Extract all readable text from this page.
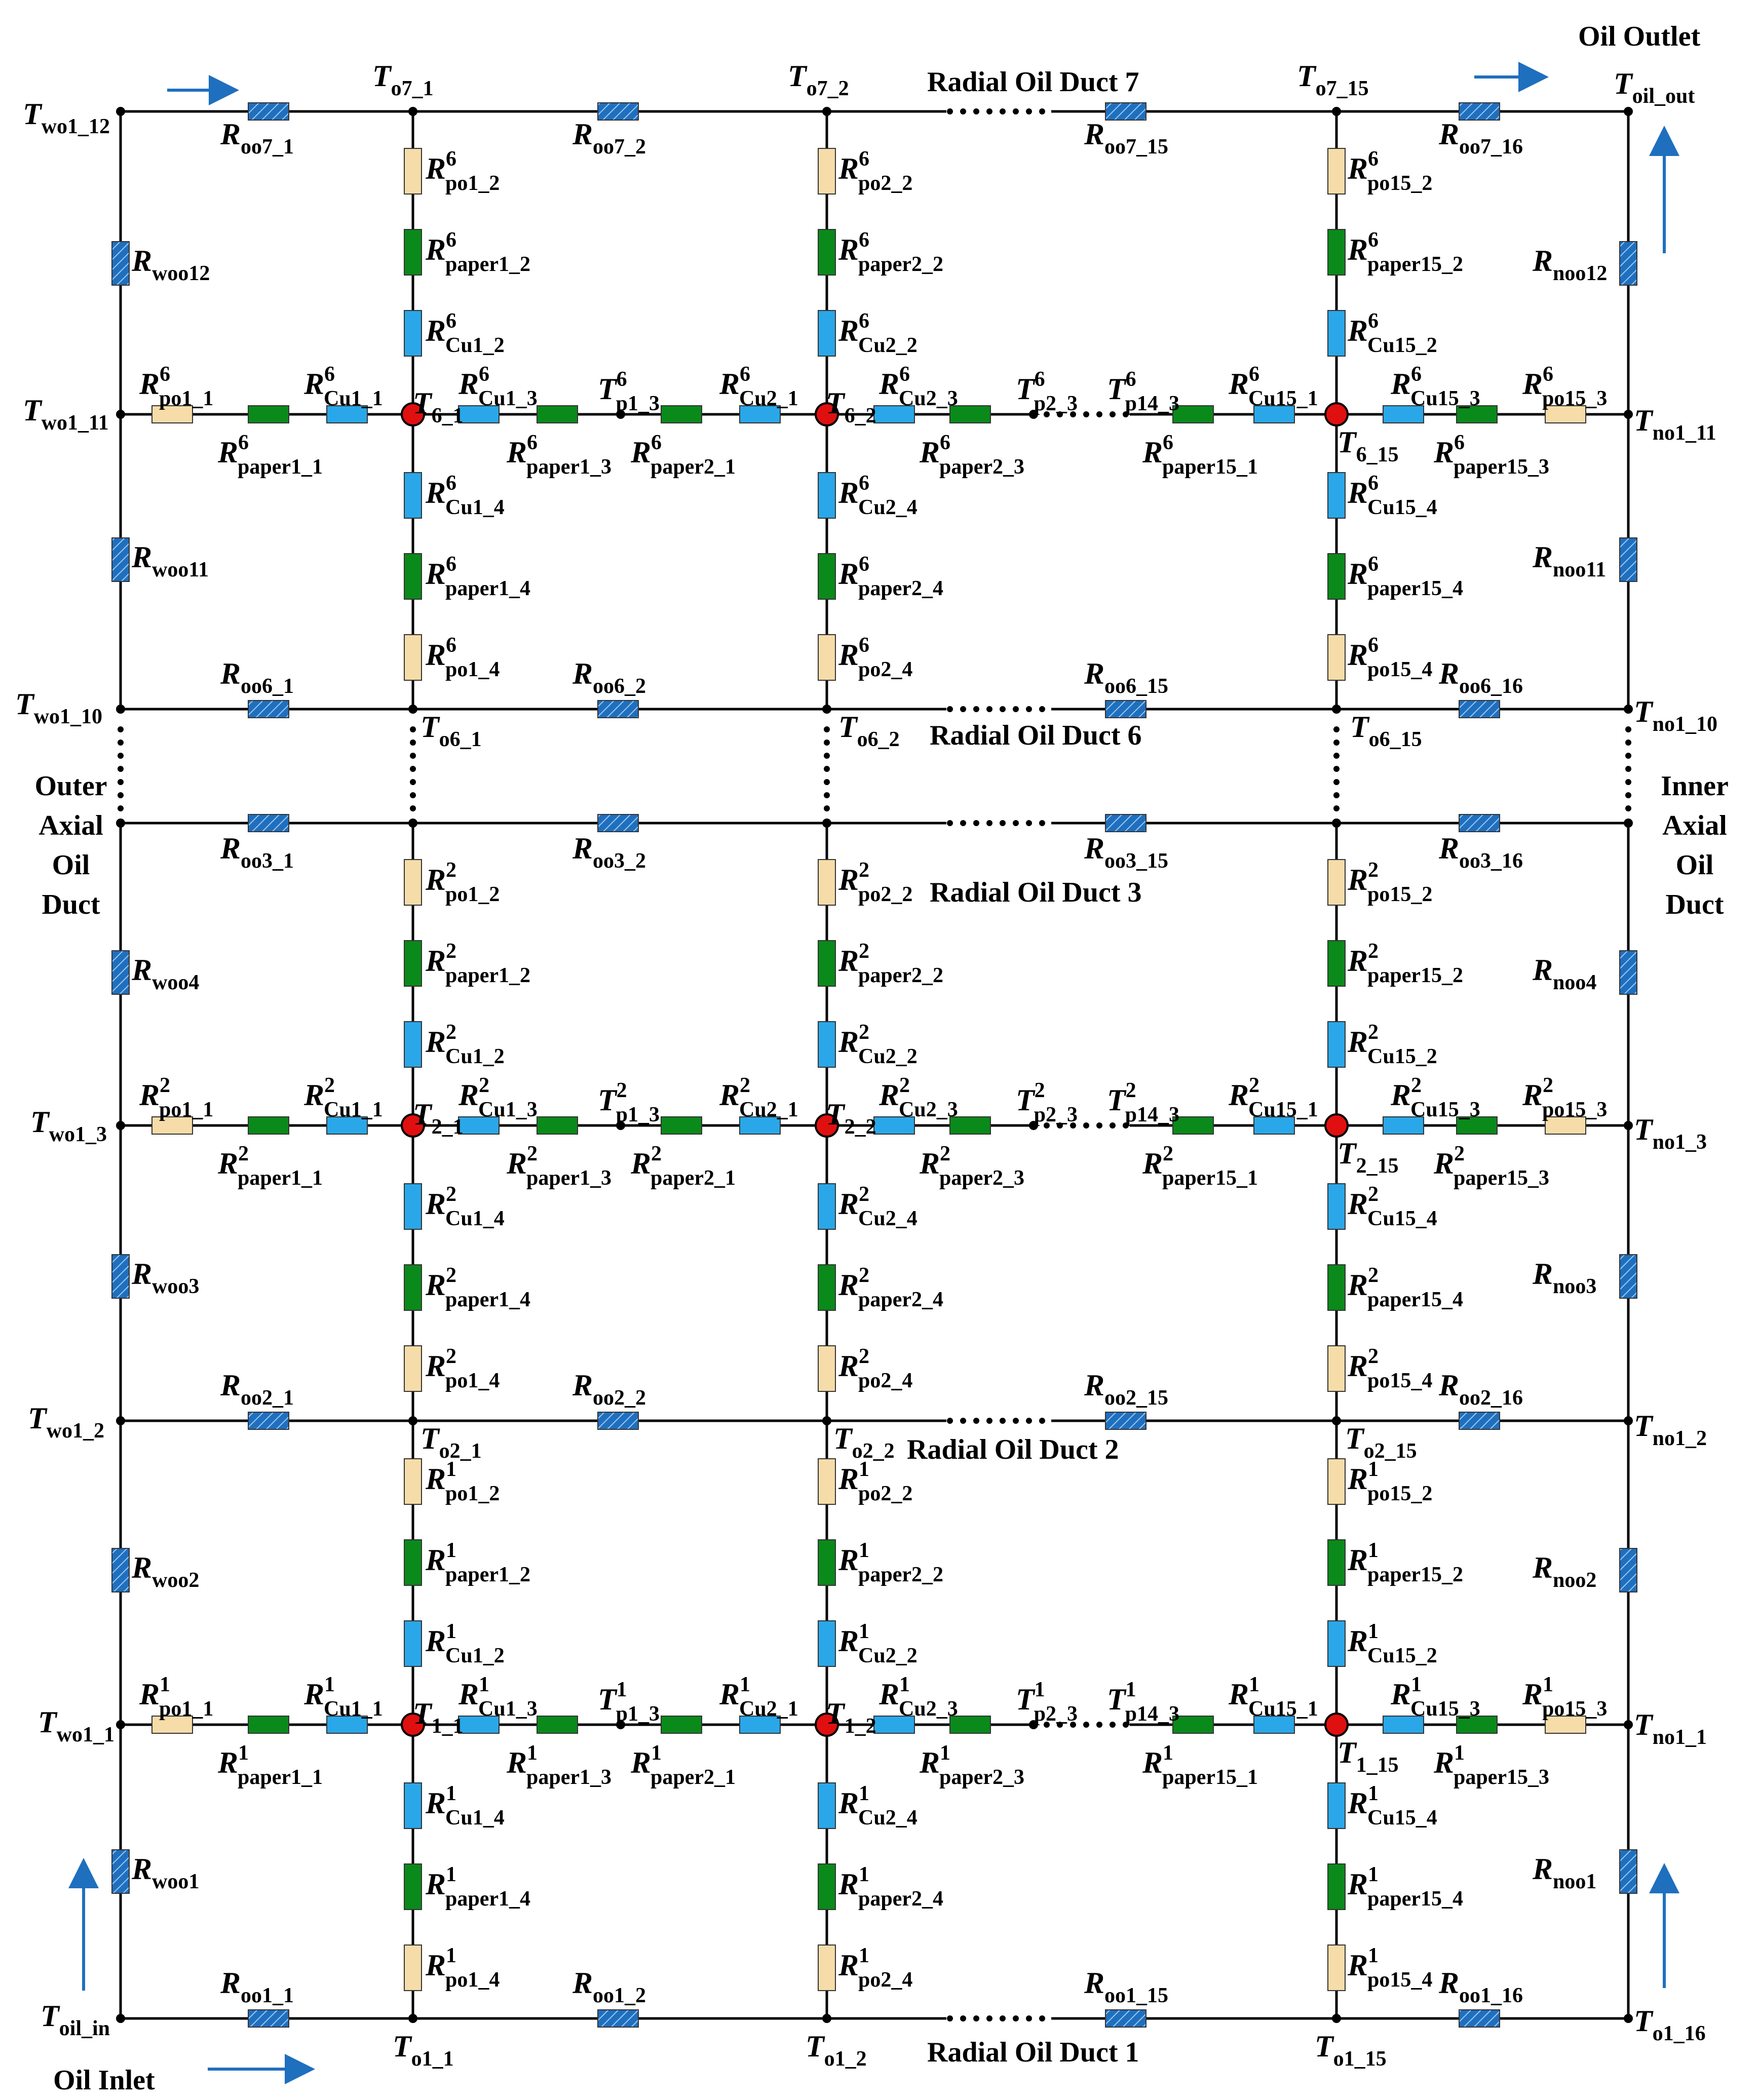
Oil Outlet
Oil Inlet
Radial Oil Duct 7
Radial Oil Duct 6
Radial Oil Duct 3
Radial Oil Duct 2
Radial Oil Duct 1
Outer
Axial
Oil
Duct
Inner
Axial
Oil
Duct
$T_{wo1\_12}$
$T_{wo1\_11}$
$T_{wo1\_10}$
$T_{wo1\_3}$
$T_{wo1\_2}$
$T_{wo1\_1}$
$T_{oil\_in}$
$T_{oil\_out}$
$T_{no1\_11}$
$T_{no1\_10}$
$T_{no1\_3}$
$T_{no1\_2}$
$T_{no1\_1}$
$T_{o1\_16}$
$T_{o7\_1}$	$T_{o7\_2}$	$T_{o7\_15}$
$T_{o6\_1}$	$T_{o6\_2}$	$T_{o6\_15}$
$T_{o2\_1}$	$T_{o2\_2}$	$T_{o2\_15}$
$T_{o1\_1}$	$T_{o1\_2}$	$T_{o1\_15}$
$T_{6\_1}$	$T_{6\_2}$
$T_{6\_15}$
$T_{2\_1}$	$T_{2\_2}$
$T_{2\_15}$
$T_{1\_1}$	$T_{1\_2}$
$T_{1\_15}$
$T^6$ p1_3	$T^6$ p2_3 $T^6$ p14_3
$T^2$ p1_3	$T^2$ p2_3 $T^2$ p14_3
$T^1$ p1_3	$T^1$ p2_3 $T^1$ p14_3
$R_{oo7\_1}$	$R_{oo7\_2}$	$R_{oo7\_15}$	$R_{oo7\_16}$
$R_{oo6\_1}$	$R_{oo6\_2}$	$R_{oo6\_15}$	$R_{oo6\_16}$
$R_{oo3\_1}$	$R_{oo3\_2}$	$R_{oo3\_15}$	$R_{oo3\_16}$
$R_{oo2\_1}$	$R_{oo2\_2}$	$R_{oo2\_15}$	$R_{oo2\_16}$
$R_{oo1\_1}$	$R_{oo1\_2}$	$R_{oo1\_15}$	$R_{oo1\_16}$
$R_{woo12}$	$R_{noo12}$
$R_{woo11}$	$R_{noo11}$
$R_{woo4}$	$R_{noo4}$
$R_{woo3}$	$R_{noo3}$
$R_{woo2}$	$R_{noo2}$
$R_{woo1}$	$R_{noo1}$
$R^6$ po1_2
$R^6$ paper1_2
$R^6$ Cu1_2
$R^6$ Cu1_4
$R^6$ paper1_4
$R^6$ po1_4
$R^6$ po2_2
$R^6$ paper2_2
$R^6$ Cu2_2
$R^6$ Cu2_4
$R^6$ paper2_4
$R^6$ po2_4
$R^6$ po15_2
$R^6$ paper15_2
$R^6$ Cu15_2
$R^6$ Cu15_4
$R^6$ paper15_4
$R^6$ po15_4
$R^6$ po1_1	$R^6$ Cu1_1 $R^6$ Cu1_3	$R^6$ Cu2_1	$R^6$ Cu2_3	$R^6$ Cu15_1 $R^6$ Cu15_3 $R^6$ po15_3
$R^6$ paper1_1	$R^6$ paper1_3 $R^6$ paper2_1	$R^6$ paper2_3	$R^6$ paper15_1	$R^6$ paper15_3
$R^2$ po1_2
$R^2$ paper1_2
$R^2$ Cu1_2
$R^2$ Cu1_4
$R^2$ paper1_4
$R^2$ po1_4
$R^2$ po2_2
$R^2$ paper2_2
$R^2$ Cu2_2
$R^2$ Cu2_4
$R^2$ paper2_4
$R^2$ po2_4
$R^2$ po15_2
$R^2$ paper15_2
$R^2$ Cu15_2
$R^2$ Cu15_4
$R^2$ paper15_4
$R^2$ po15_4
$R^2$ po1_1	$R^2$ Cu1_1 $R^2$ Cu1_3	$R^2$ Cu2_1	$R^2$ Cu2_3	$R^2$ Cu15_1 $R^2$ Cu15_3 $R^2$ po15_3
$R^2$ paper1_1	$R^2$ paper1_3 $R^2$ paper2_1	$R^2$ paper2_3	$R^2$ paper15_1	$R^2$ paper15_3
$R^1$ po1_2
$R^1$ paper1_2
$R^1$ Cu1_2
$R^1$ Cu1_4
$R^1$ paper1_4
$R^1$ po1_4
$R^1$ po2_2
$R^1$ paper2_2
$R^1$ Cu2_2
$R^1$ Cu2_4
$R^1$ paper2_4
$R^1$ po2_4
$R^1$ po15_2
$R^1$ paper15_2
$R^1$ Cu15_2
$R^1$ Cu15_4
$R^1$ paper15_4
$R^1$ po15_4
$R^1$ po1_1	$R^1$ Cu1_1 $R^1$ Cu1_3	$R^1$ Cu2_1	$R^1$ Cu2_3	$R^1$ Cu15_1 $R^1$ Cu15_3 $R^1$ po15_3
$R^1$ paper1_1	$R^1$ paper1_3 $R^1$ paper2_1	$R^1$ paper2_3	$R^1$ paper15_1	$R^1$ paper15_3
